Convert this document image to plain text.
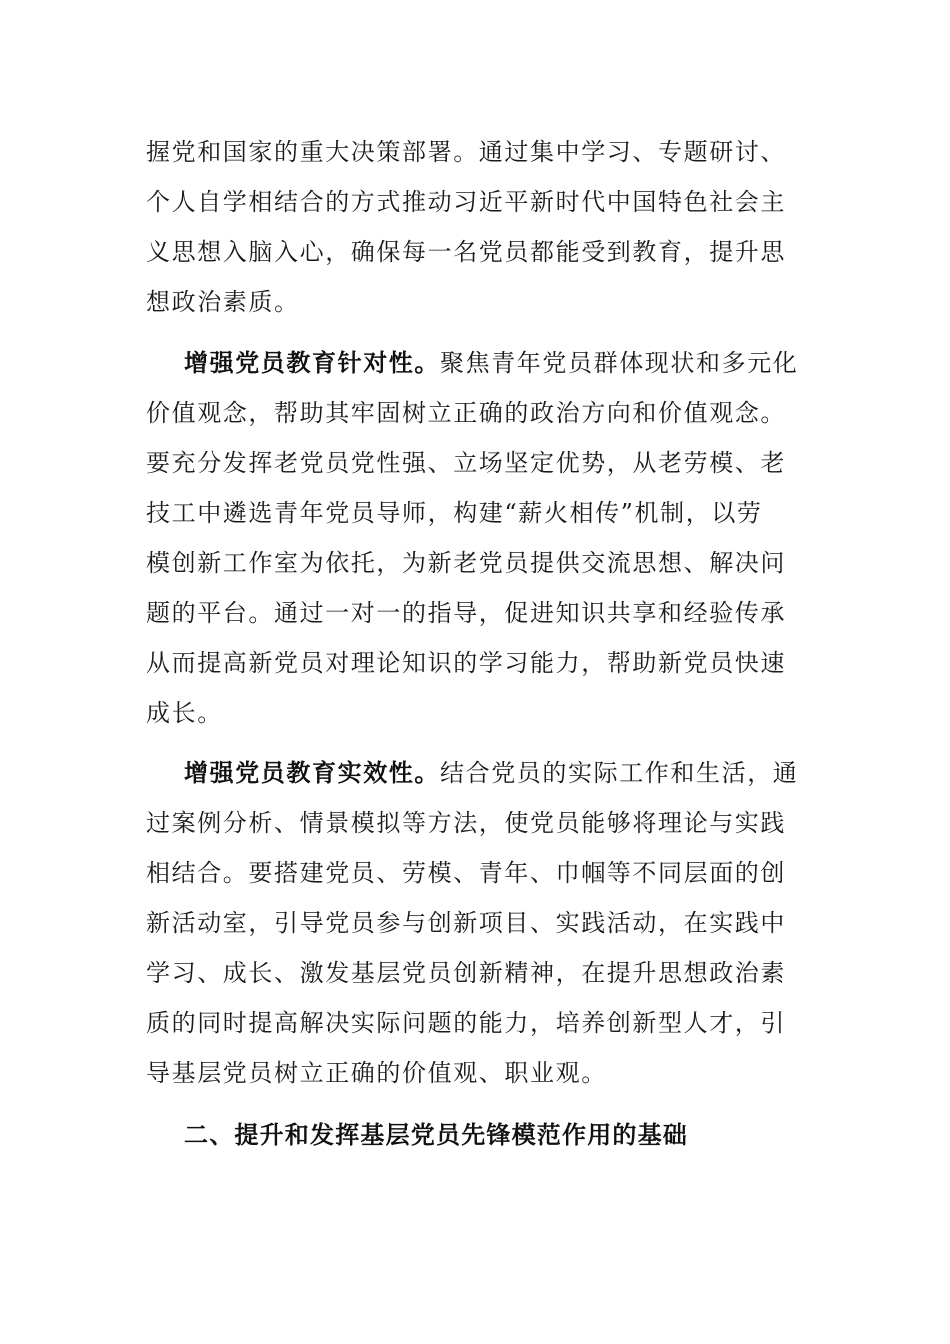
握党和国家的重大决策部署。通过集中学习、专题研讨、
个人自学相结合的方式推动习近平新时代中国特色社会主
义思想入脑入心，确保每一名党员都能受到教育，提升思
想政治素质。
增强党员教育针对性。聚焦青年党员群体现状和多元化
价值观念，帮助其牢固树立正确的政治方向和价值观念。
要充分发挥老党员党性强、立场坚定优势，从老劳模、老
技工中遴选青年党员导师，构建“薪火相传”机制，以劳
模创新工作室为依托，为新老党员提供交流思想、解决问
题的平台。通过一对一的指导，促进知识共享和经验传承
从而提高新党员对理论知识的学习能力，帮助新党员快速
成长。
增强党员教育实效性。结合党员的实际工作和生活，通
过案例分析、情景模拟等方法，使党员能够将理论与实践
相结合。要搭建党员、劳模、青年、巾帼等不同层面的创
新活动室，引导党员参与创新项目、实践活动，在实践中
学习、成长、激发基层党员创新精神，在提升思想政治素
质的同时提高解决实际问题的能力，培养创新型人才，引
导基层党员树立正确的价值观、职业观。
二、提升和发挥基层党员先锋模范作用的基础
